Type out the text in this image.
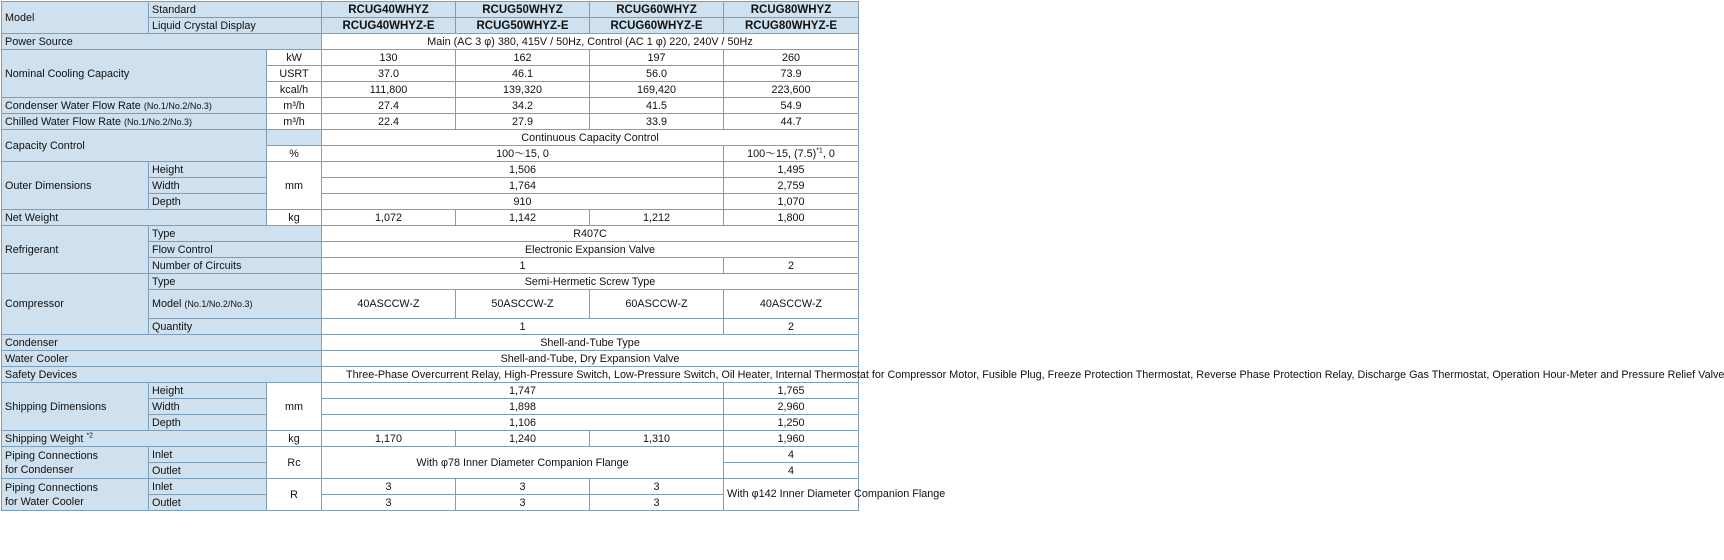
Model	Standard		RCUG40WHYZ	RCUG50WHYZ	RCUG60WHYZ	RCUG80WHYZ
	Liquid Crystal Display		RCUG40WHYZ-E	RCUG50WHYZ-E	RCUG60WHYZ-E	RCUG80WHYZ-E
Power Source			Main (AC 3 φ) 380, 415V / 50Hz, Control (AC 1 φ) 220, 240V / 50Hz			
Nominal Cooling Capacity		kW	130	162	197	260
		USRT	37.0	46.1	56.0	73.9
		kcal/h	111,800	139,320	169,420	223,600
Condenser Water Flow Rate (No.1/No.2/No.3)		m³/h	27.4	34.2	41.5	54.9
Chilled Water Flow Rate (No.1/No.2/No.3)		m³/h	22.4	27.9	33.9	44.7
Capacity Control			Continuous Capacity Control			
		%	100～15, 0			100～15, $(7.5)^{*1}$, 0
Outer Dimensions	Height	mm	1,506			1,495
	Width		1,764			2,759
	Depth		910			1,070
Net Weight		kg	1,072	1,142	1,212	1,800
Refrigerant	Type		R407C			
	Flow Control		Electronic Expansion Valve			
	Number of Circuits		1			2
Compressor	Type		Semi-Hermetic Screw Type			
	Model (No.1/No.2/No.3)		40ASCCW-Z	50ASCCW-Z	60ASCCW-Z	40ASCCW-Z
	Quantity		1			2
Condenser			Shell-and-Tube Type			
Water Cooler			Shell-and-Tube, Dry Expansion Valve			
Safety Devices			Three-Phase Overcurrent Relay, High-Pressure Switch, Low-Pressure Switch, Oil Heater, Internal Thermostat for Compressor Motor, Fusible Plug, Freeze Protection Thermostat, Reverse Phase Protection Relay, Discharge Gas Thermostat, Operation Hour-Meter and Pressure Relief Valve			
Shipping Dimensions	Height	mm	1,747			1,765
	Width		1,898			2,960
	Depth		1,106			1,250
Shipping Weight $^{*2}$		kg	1,170	1,240	1,310	1,960
Piping Connections
for Condenser	Inlet	Rc	With φ78 Inner Diameter Companion Flange			4
	Outlet					4
Piping Connections
for Water Cooler	Inlet	R	3	3	3	With φ142 Inner Diameter Companion Flange
	Outlet		3	3	3	
